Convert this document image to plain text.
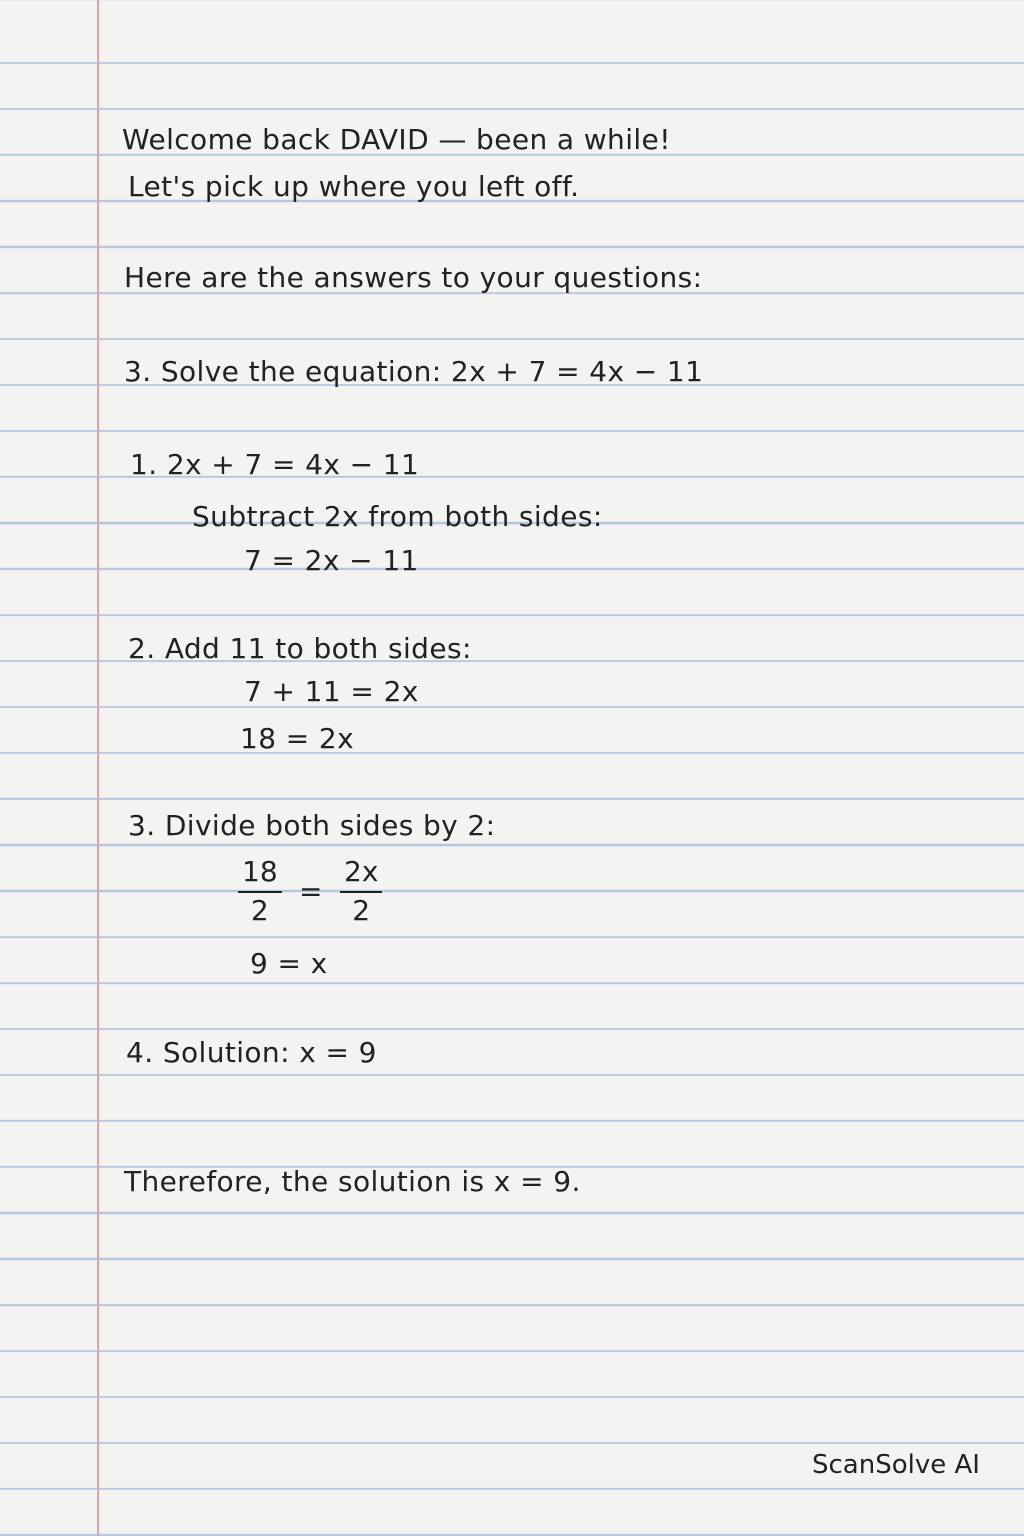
Welcome back DAVID — been a while!
Let's pick up where you left off.
Here are the answers to your questions:
3. Solve the equation: 2x + 7 = 4x − 11
1. 2x + 7 = 4x − 11
Subtract 2x from both sides:
7 = 2x − 11
2. Add 11 to both sides:
7 + 11 = 2x
18 = 2x
3. Divide both sides by 2:
18
2
=
2x
2
9 = x
4. Solution: x = 9
Therefore, the solution is x = 9.
ScanSolve AI
